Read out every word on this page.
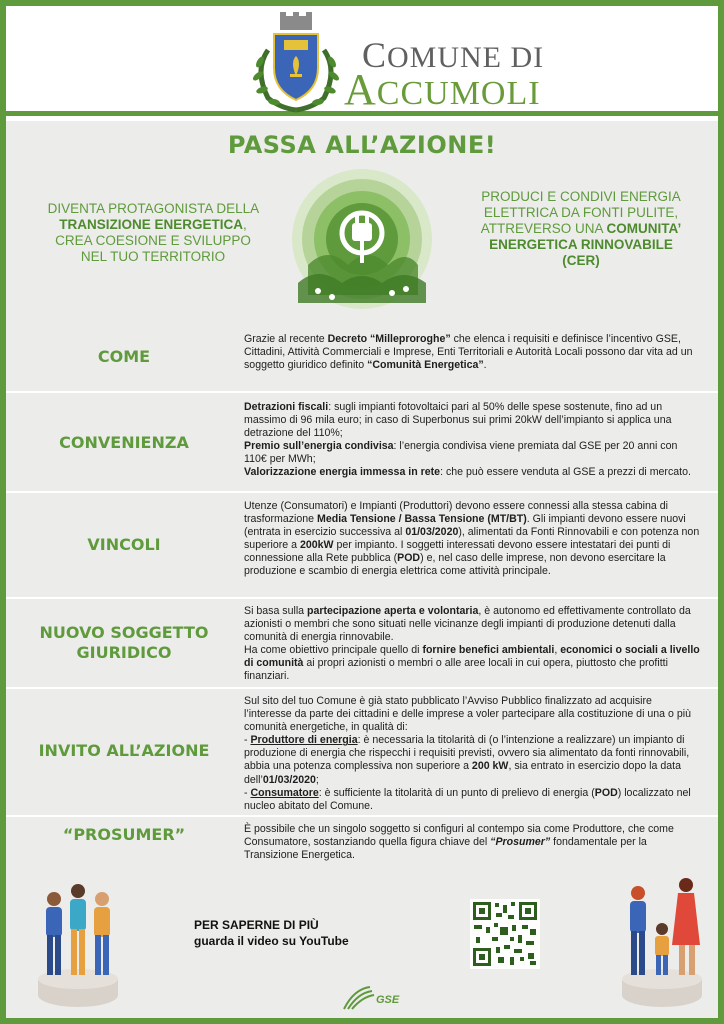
COMUNE DI
ACCUMOLI
PASSA ALL’AZIONE!
DIVENTA PROTAGONISTA DELLA TRANSIZIONE ENERGETICA, CREA COESIONE E SVILUPPO NEL TUO TERRITORIO
PRODUCI E CONDIVI ENERGIA ELETTRICA DA FONTI PULITE, ATTREVERSO UNA COMUNITA’ ENERGETICA RINNOVABILE (CER)
COME
Grazie al recente Decreto “Milleproroghe” che elenca i requisiti e definisce l’incentivo GSE, Cittadini, Attività Commerciali e Imprese, Enti Territoriali e Autorità Locali possono dar vita ad un soggetto giuridico definito “Comunità Energetica”.
CONVENIENZA
Detrazioni fiscali: sugli impianti fotovoltaici pari al 50% delle spese sostenute, fino ad un massimo di 96 mila euro; in caso di Superbonus sui primi 20kW dell’impianto si applica una detrazione del 110%;
Premio sull’energia condivisa: l’energia condivisa viene premiata dal GSE per 20 anni con 110€ per MWh;
Valorizzazione energia immessa in rete: che può essere venduta al GSE a prezzi di mercato.
VINCOLI
Utenze (Consumatori) e Impianti (Produttori) devono essere connessi alla stessa cabina di trasformazione Media Tensione / Bassa Tensione (MT/BT). Gli impianti devono essere nuovi (entrata in esercizio successiva al 01/03/2020), alimentati da Fonti Rinnovabili e con potenza non superiore a 200kW per impianto. I soggetti interessati devono essere intestatari dei punti di connessione alla Rete pubblica (POD) e, nel caso delle imprese, non devono esercitare la produzione e scambio di energia elettrica come attività principale.
NUOVO SOGGETTO GIURIDICO
Si basa sulla partecipazione aperta e volontaria, è autonomo ed effettivamente controllato da azionisti o membri che sono situati nelle vicinanze degli impianti di produzione detenuti dalla comunità di energia rinnovabile.
Ha come obiettivo principale quello di fornire benefici ambientali, economici o sociali a livello di comunità ai propri azionisti o membri o alle aree locali in cui opera, piuttosto che profitti finanziari.
INVITO ALL’AZIONE
Sul sito del tuo Comune è già stato pubblicato l’Avviso Pubblico finalizzato ad acquisire l’interesse da parte dei cittadini e delle imprese a voler partecipare alla costituzione di una o più comunità energetiche, in qualità di:
- Produttore di energia: è necessaria la titolarità di (o l’intenzione a realizzare) un impianto di produzione di energia che rispecchi i requisiti previsti, ovvero sia alimentato da fonti rinnovabili, abbia una potenza complessiva non superiore a 200 kW, sia entrato in esercizio dopo la data dell’01/03/2020;
- Consumatore: è sufficiente la titolarità di un punto di prelievo di energia (POD) localizzato nel nucleo abitato del Comune.
“PROSUMER”	È possibile che un singolo soggetto si configuri al contempo sia come Produttore, che come Consumatore, sostanziando quella figura chiave del “Prosumer” fondamentale per la Transizione Energetica.
PER SAPERNE DI PIÙ
guarda il video su YouTube
GSE
